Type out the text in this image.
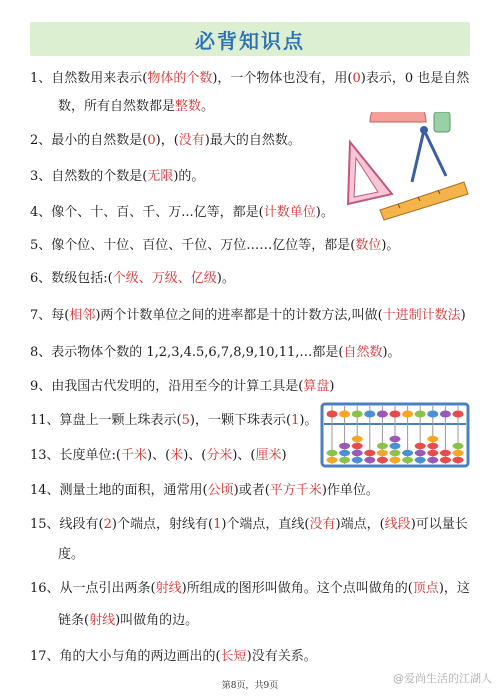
必背知识点
1、自然数用来表示(物体的个数)，一个物体也没有，用(0)表示，0 也是自然
数，所有自然数都是整数。
2、最小的自然数是(0)，(没有)最大的自然数。
3、自然数的个数是(无限)的。
4、像个、十、百、千、万...亿等，都是(计数单位)。
5、像个位、十位、百位、千位、万位……亿位等，都是(数位)。
6、数级包括:(个级、万级、亿级)。
7、每(相邻)两个计数单位之间的进率都是十的计数方法,叫做(十进制计数法)
8、表示物体个数的 1,2,3,4.5,6,7,8,9,10,11,…都是(自然数)。
9、由我国古代发明的，沿用至今的计算工具是(算盘)
11、算盘上一颗上珠表示(5)，一颗下珠表示(1)。
13、长度单位:(千米)、(米)、(分米)、(厘米)
14、测量土地的面积，通常用(公顷)或者(平方千米)作单位。
15、线段有(2)个端点，射线有(1)个端点，直线(没有)端点，(线段)可以量长
度。
16、从一点引出两条(射线)所组成的图形叫做角。这个点叫做角的(顶点)，这
链条(射线)叫做角的边。
17、角的大小与角的两边画出的(长短)没有关系。
第8页，共9页
@爱尚生活的江湖人
